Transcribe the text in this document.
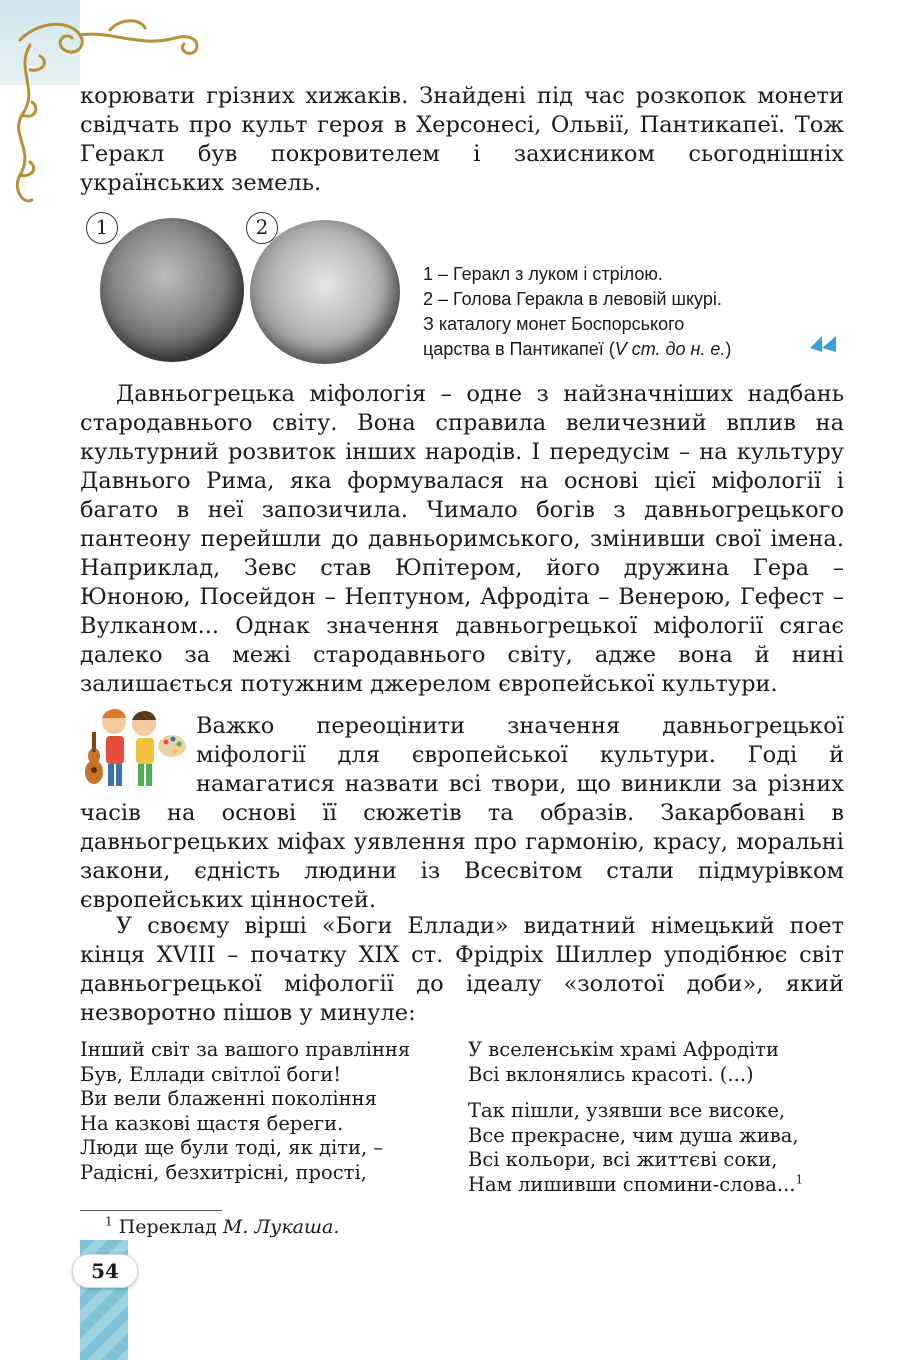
корювати грізних хижаків. Знайдені під час розкопок монети свідчать про культ героя в Херсонесі, Ольвії, Пантикапеї. Тож Геракл був покровителем і захисником сьогоднішніх українських земель.

1	2
1 – Геракл з луком і стрілою.
2 – Голова Геракла в левовій шкурі.
З каталогу монет Боспорського
царства в Пантикапеї (V ст. до н. е.)

Давньогрецька міфологія – одне з найзначніших надбань стародавнього світу. Вона справила величезний вплив на культурний розвиток інших народів. І передусім – на культуру Давнього Рима, яка формувалася на основі цієї міфології і багато в неї запозичила. Чимало богів з давньогрецького пантеону перейшли до давньоримського, змінивши свої імена. Наприклад, Зевс став Юпітером, його дружина Гера – Юноною, Посейдон – Нептуном, Афродіта – Венерою, Гефест – Вулканом... Однак значення давньогрецької міфології сягає далеко за межі стародавнього світу, адже вона й нині залишається потужним джерелом європейської культури.

Важко переоцінити значення давньогрецької міфології для європейської культури. Годі й намагатися назвати всі твори, що виникли за різних часів на основі її сюжетів та образів. Закарбовані в давньогрецьких міфах уявлення про гармонію, красу, моральні закони, єдність людини із Всесвітом стали підмурівком європейських цінностей.

У своєму вірші «Боги Еллади» видатний німецький поет кінця XVIII – початку XIX ст. Фрідріх Шиллер уподібнює світ давньогрецької міфології до ідеалу «золотої доби», який незворотно пішов у минуле:

Інший світ за вашого правління
Був, Еллади світлої боги!
Ви вели блаженні покоління
На казкові щастя береги.
Люди ще були тоді, як діти, –
Радісні, безхитрісні, прості,
У вселенськім храмі Афродіти
Всі вклонялись красоті. (...)
Так пішли, узявши все високе,
Все прекрасне, чим душа жива,
Всі кольори, всі життєві соки,
Нам лишивши спомини-слова...$^1$
$^1$ Переклад М. Лукаша.
54
